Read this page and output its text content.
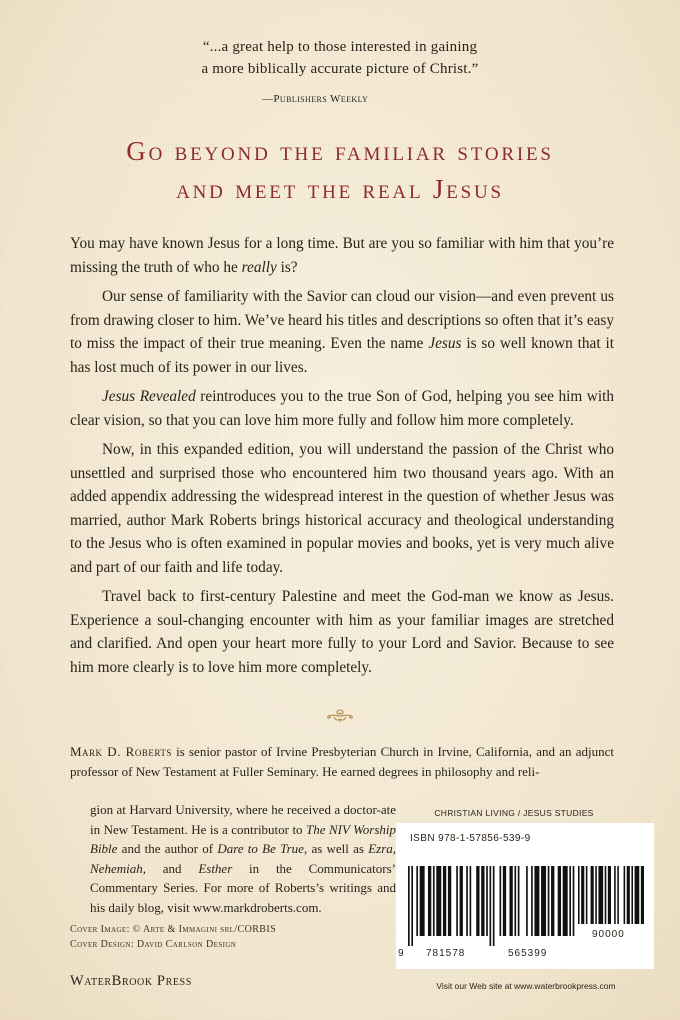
“...a great help to those interested in gaining
a more biblically accurate picture of Christ.”
—Publishers Weekly
Go beyond the familiar stories
and meet the real Jesus

You may have known Jesus for a long time. But are you so familiar with him that you’re missing the truth of who he really is?

Our sense of familiarity with the Savior can cloud our vision—and even prevent us from drawing closer to him. We’ve heard his titles and descriptions so often that it’s easy to miss the impact of their true meaning. Even the name Jesus is so well known that it has lost much of its power in our lives.

Jesus Revealed reintroduces you to the true Son of God, helping you see him with clear vision, so that you can love him more fully and follow him more completely.

Now, in this expanded edition, you will understand the passion of the Christ who unsettled and surprised those who encountered him two thousand years ago. With an added appendix addressing the widespread interest in the question of whether Jesus was married, author Mark Roberts brings historical accuracy and theological understanding to the Jesus who is often examined in popular movies and books, yet is very much alive and part of our faith and life today.

Travel back to first-century Palestine and meet the God-man we know as Jesus. Experience a soul-changing encounter with him as your familiar images are stretched and clarified. And open your heart more fully to your Lord and Savior. Because to see him more clearly is to love him more completely.

Mark D. Roberts is senior pastor of Irvine Presbyterian Church in Irvine, California, and an adjunct professor of New Testament at Fuller Seminary. He earned degrees in philosophy and reli-
gion at Harvard University, where he received a doctor-ate in New Testament. He is a contributor to The NIV Worship Bible and the author of Dare to Be True, as well as Ezra, Nehemiah, and Esther in the Communicators’ Commentary Series. For more of Roberts’s writings and his daily blog, visit www.markdroberts.com.
CHRISTIAN LIVING / JESUS STUDIES
ISBN 978-1-57856-539-9
9 781578	565399
90000
Cover Image: © Arte & Immagini srl/CORBIS
Cover Design: David Carlson Design
WaterBrook Press	Visit our Web site at www.waterbrookpress.com
